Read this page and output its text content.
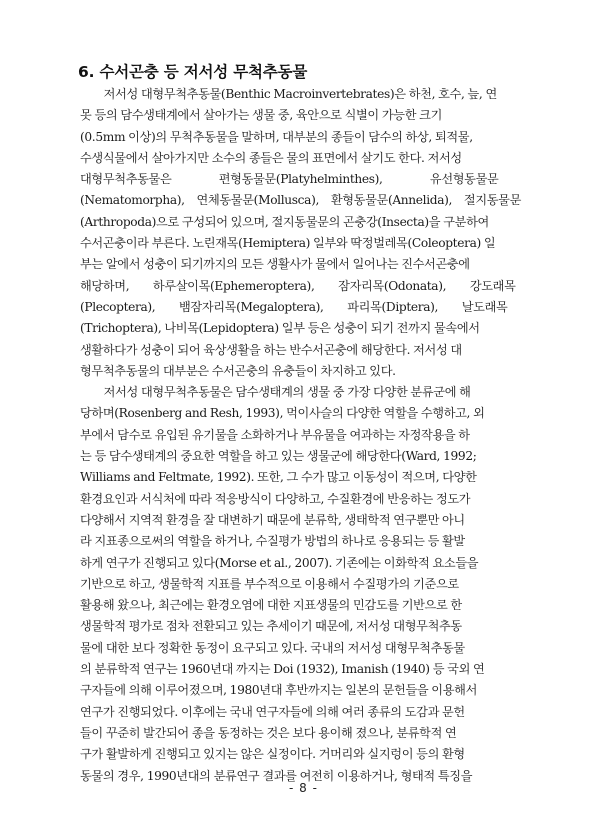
6. 수서곤충 등 저서성 무척추동물

　　저서성 대형무척추동물(Benthic Macroinvertebrates)은 하천, 호수, 늪, 연
못 등의 담수생태계에서 살아가는 생물 중, 육안으로 식별이 가능한 크기
(0.5mm 이상)의 무척추동물을 말하며, 대부분의 종들이 담수의 하상, 퇴적물,
수생식물에서 살아가지만 소수의 종들은 물의 표면에서 살기도 한다. 저서성
대형무척추동물은　　　　편형동물문(Platyhelminthes),　　　　유선형동물문
(Nematomorpha),　연체동물문(Mollusca),　환형동물문(Annelida),　절지동물문
(Arthropoda)으로 구성되어 있으며, 절지동물문의 곤충강(Insecta)을 구분하여
수서곤충이라 부른다. 노린재목(Hemiptera) 일부와 딱정벌레목(Coleoptera) 일
부는 알에서 성충이 되기까지의 모든 생활사가 물에서 일어나는 진수서곤충에
해당하며,　　하루살이목(Ephemeroptera),　　잠자리목(Odonata),　　강도래목
(Plecoptera),　　뱀잠자리목(Megaloptera),　　파리목(Diptera),　　날도래목
(Trichoptera), 나비목(Lepidoptera) 일부 등은 성충이 되기 전까지 물속에서
생활하다가 성충이 되어 육상생활을 하는 반수서곤충에 해당한다. 저서성 대
형무척추동물의 대부분은 수서곤충의 유충들이 차지하고 있다.

　　저서성 대형무척추동물은 담수생태계의 생물 중 가장 다양한 분류군에 해
당하며(Rosenberg and Resh, 1993), 먹이사슬의 다양한 역할을 수행하고, 외
부에서 담수로 유입된 유기물을 소화하거나 부유물을 여과하는 자정작용을 하
는 등 담수생태계의 중요한 역할을 하고 있는 생물군에 해당한다(Ward, 1992;
Williams and Feltmate, 1992). 또한, 그 수가 많고 이동성이 적으며, 다양한
환경요인과 서식처에 따라 적응방식이 다양하고, 수질환경에 반응하는 정도가
다양해서 지역적 환경을 잘 대변하기 때문에 분류학, 생태학적 연구뿐만 아니
라 지표종으로써의 역할을 하거나, 수질평가 방법의 하나로 응용되는 등 활발
하게 연구가 진행되고 있다(Morse et al., 2007). 기존에는 이화학적 요소들을
기반으로 하고, 생물학적 지표를 부수적으로 이용해서 수질평가의 기준으로
활용해 왔으나, 최근에는 환경오염에 대한 지표생물의 민감도를 기반으로 한
생물학적 평가로 점차 전환되고 있는 추세이기 때문에, 저서성 대형무척추동
물에 대한 보다 정확한 동정이 요구되고 있다. 국내의 저서성 대형무척추동물
의 분류학적 연구는 1960년대 까지는 Doi (1932), Imanish (1940) 등 국외 연
구자들에 의해 이루어졌으며, 1980년대 후반까지는 일본의 문헌들을 이용해서
연구가 진행되었다. 이후에는 국내 연구자들에 의해 여러 종류의 도감과 문헌
들이 꾸준히 발간되어 종을 동정하는 것은 보다 용이해 졌으나, 분류학적 연
구가 활발하게 진행되고 있지는 않은 실정이다. 거머리와 실지렁이 등의 환형
동물의 경우, 1990년대의 분류연구 결과를 여전히 이용하거나, 형태적 특징을

- 8 -
